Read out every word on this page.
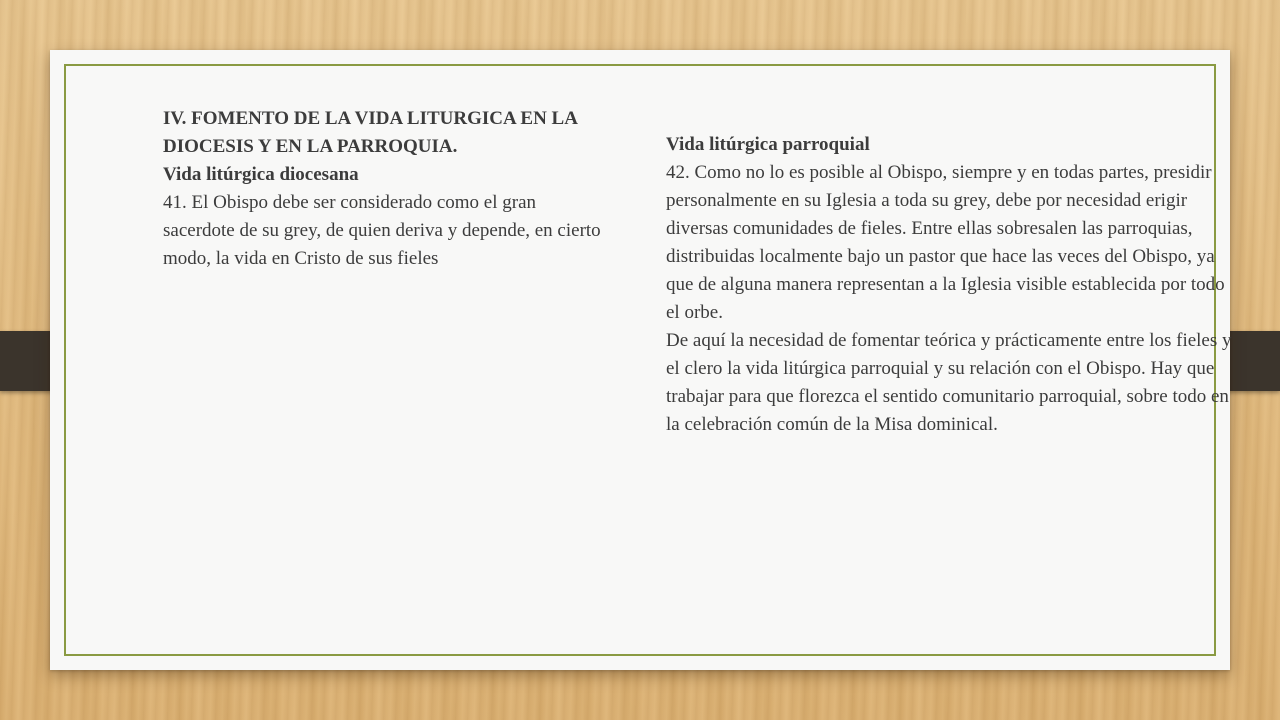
IV. FOMENTO DE LA VIDA LITURGICA EN LA DIOCESIS Y EN LA PARROQUIA.

Vida litúrgica diocesana

41. El Obispo debe ser considerado como el gran sacerdote de su grey, de quien deriva y depende, en cierto modo, la vida en Cristo de sus fieles

Vida litúrgica parroquial

42. Como no lo es posible al Obispo, siempre y en todas partes, presidir personalmente en su Iglesia a toda su grey, debe por necesidad erigir diversas comunidades de fieles. Entre ellas sobresalen las parroquias, distribuidas localmente bajo un pastor que hace las veces del Obispo, ya que de alguna manera representan a la Iglesia visible establecida por todo el orbe.

De aquí la necesidad de fomentar teórica y prácticamente entre los fieles y el clero la vida litúrgica parroquial y su relación con el Obispo. Hay que trabajar para que florezca el sentido comunitario parroquial, sobre todo en la celebración común de la Misa dominical.
